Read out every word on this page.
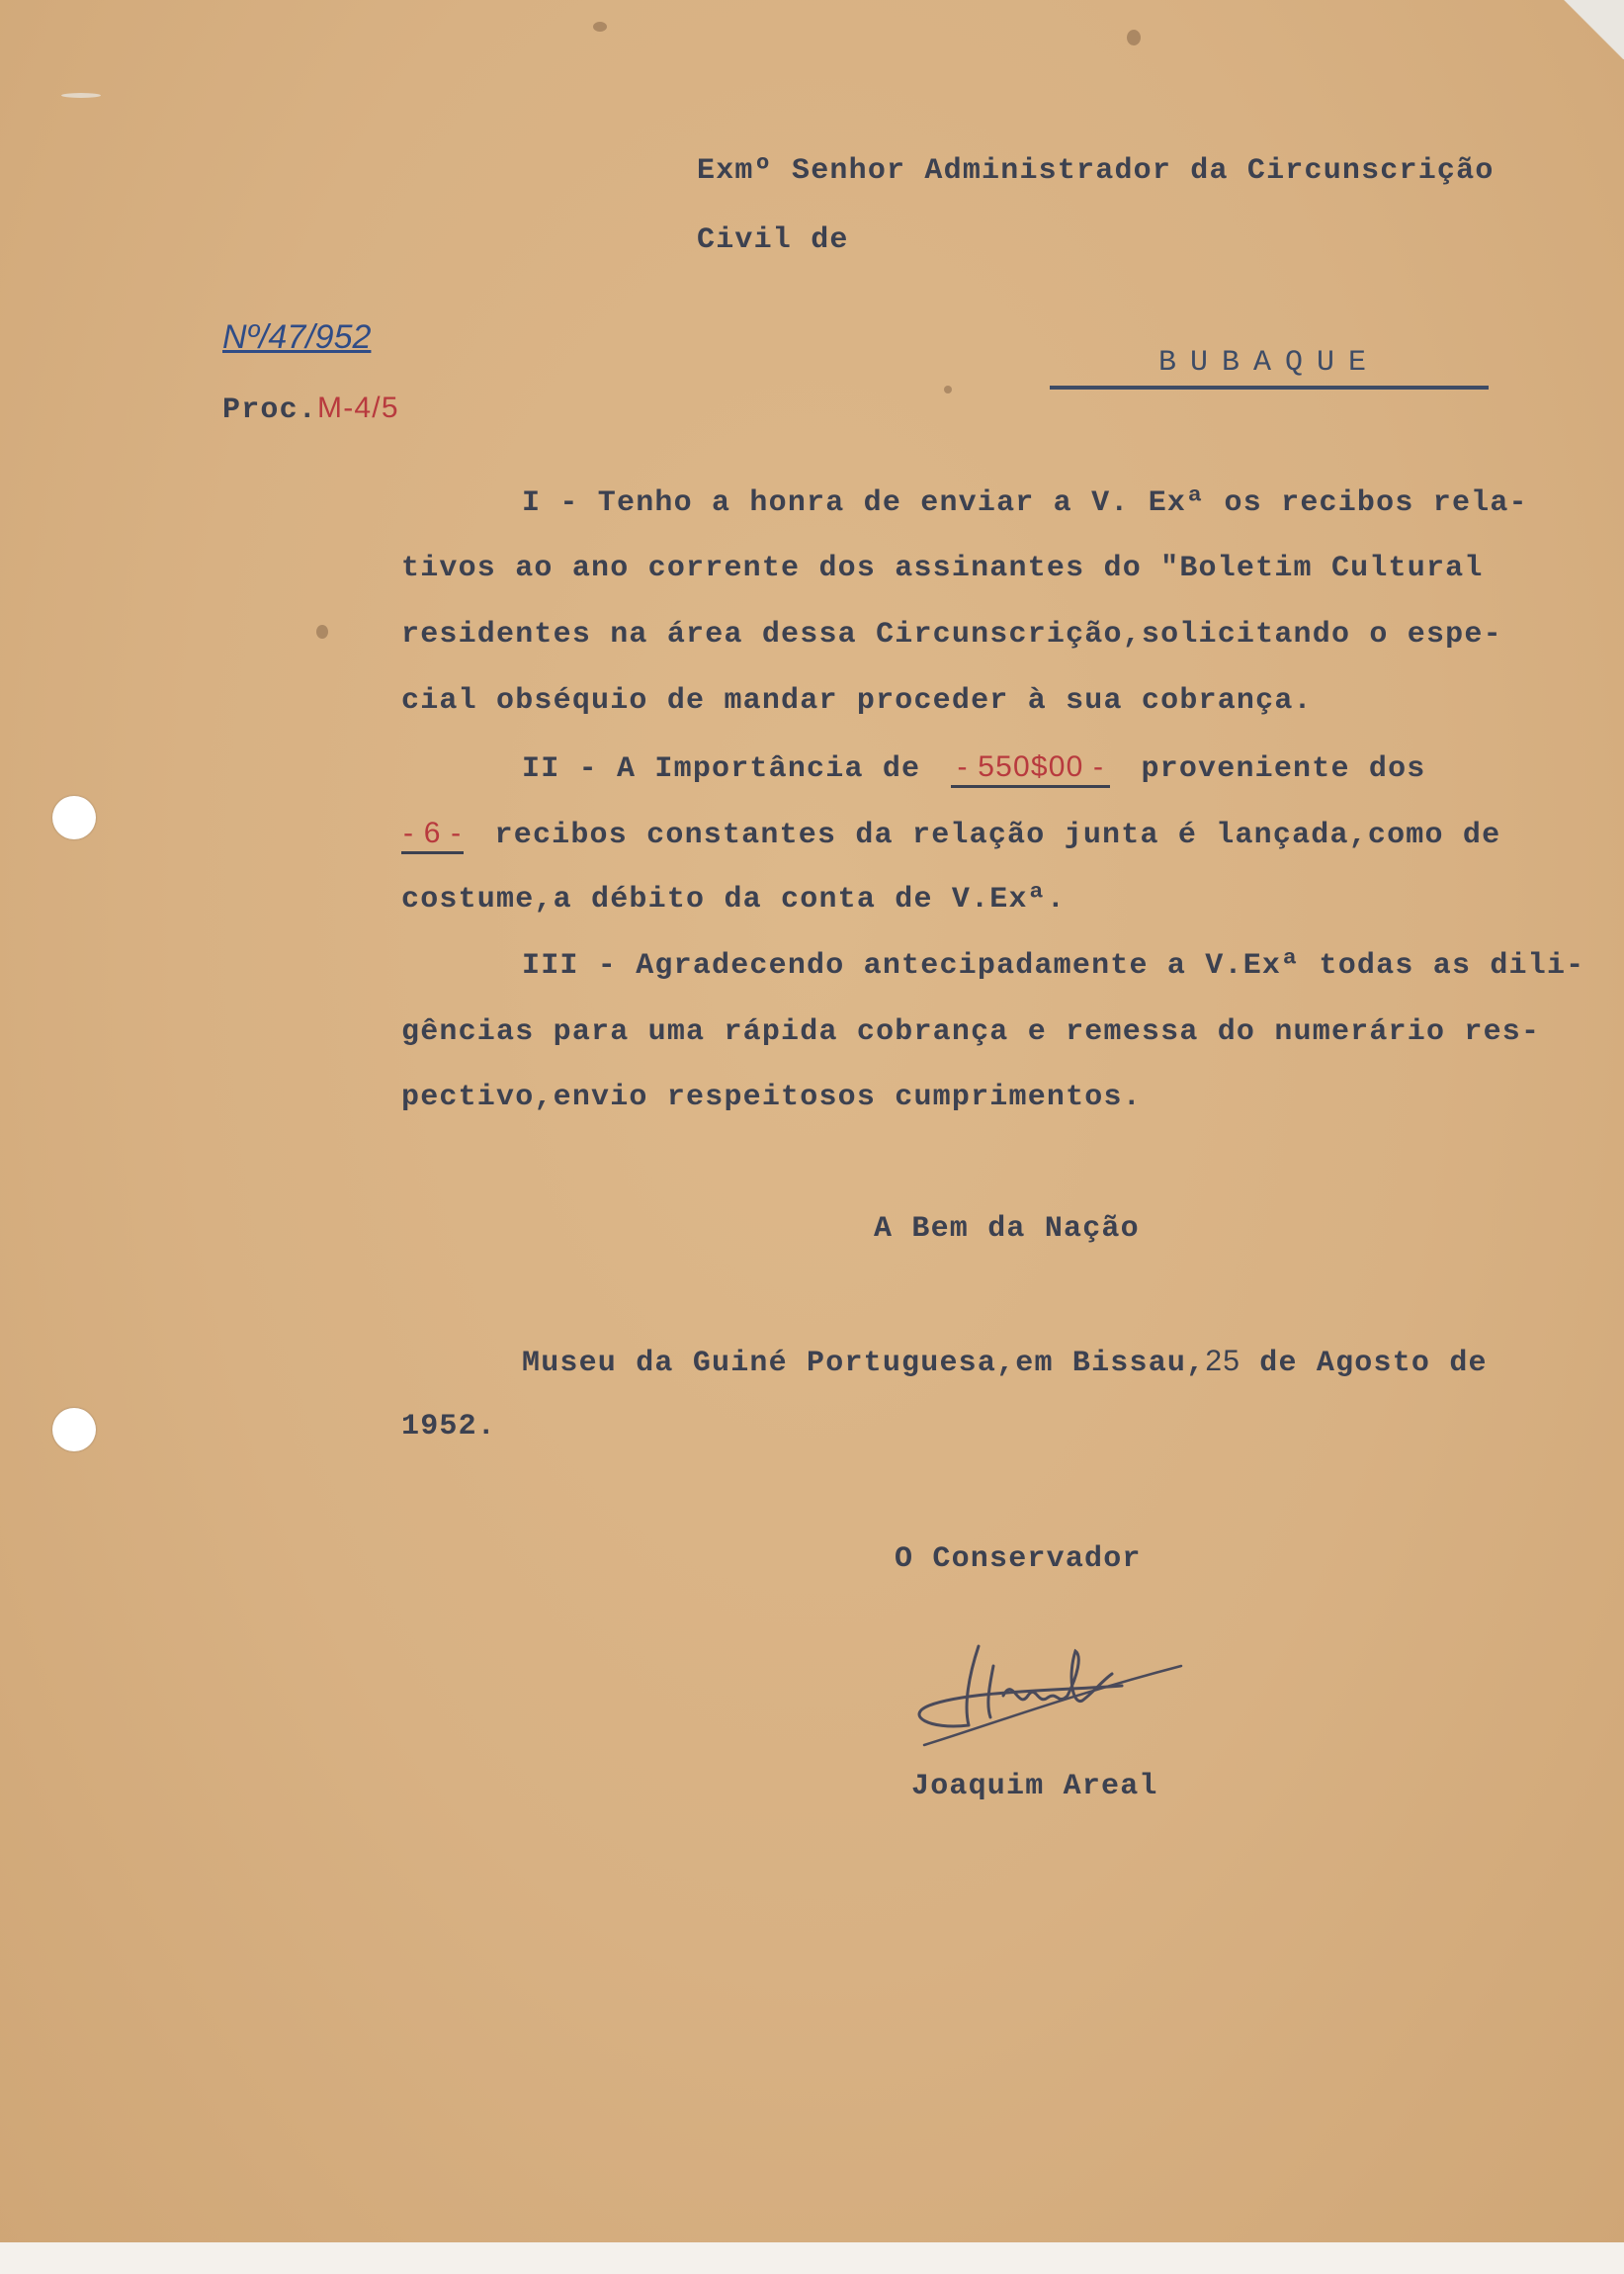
Exmº Senhor Administrador da Circunscrição
Civil de
Nº/47/952
BUBAQUE
Proc.M-4/5
I - Tenho a honra de enviar a V. Exª os recibos rela-
tivos ao ano corrente dos assinantes do "Boletim Cultural
residentes na área dessa Circunscrição,solicitando o espe-
cial obséquio de mandar proceder à sua cobrança.
II - A Importância de - 550$00 - proveniente dos
- 6 - recibos constantes da relação junta é lançada,como de
costume,a débito da conta de V.Exª.
III - Agradecendo antecipadamente a V.Exª todas as dili-
gências para uma rápida cobrança e remessa do numerário res-
pectivo,envio respeitosos cumprimentos.
A Bem da Nação
Museu da Guiné Portuguesa,em Bissau,25 de Agosto de
1952.
O Conservador
Joaquim Areal
